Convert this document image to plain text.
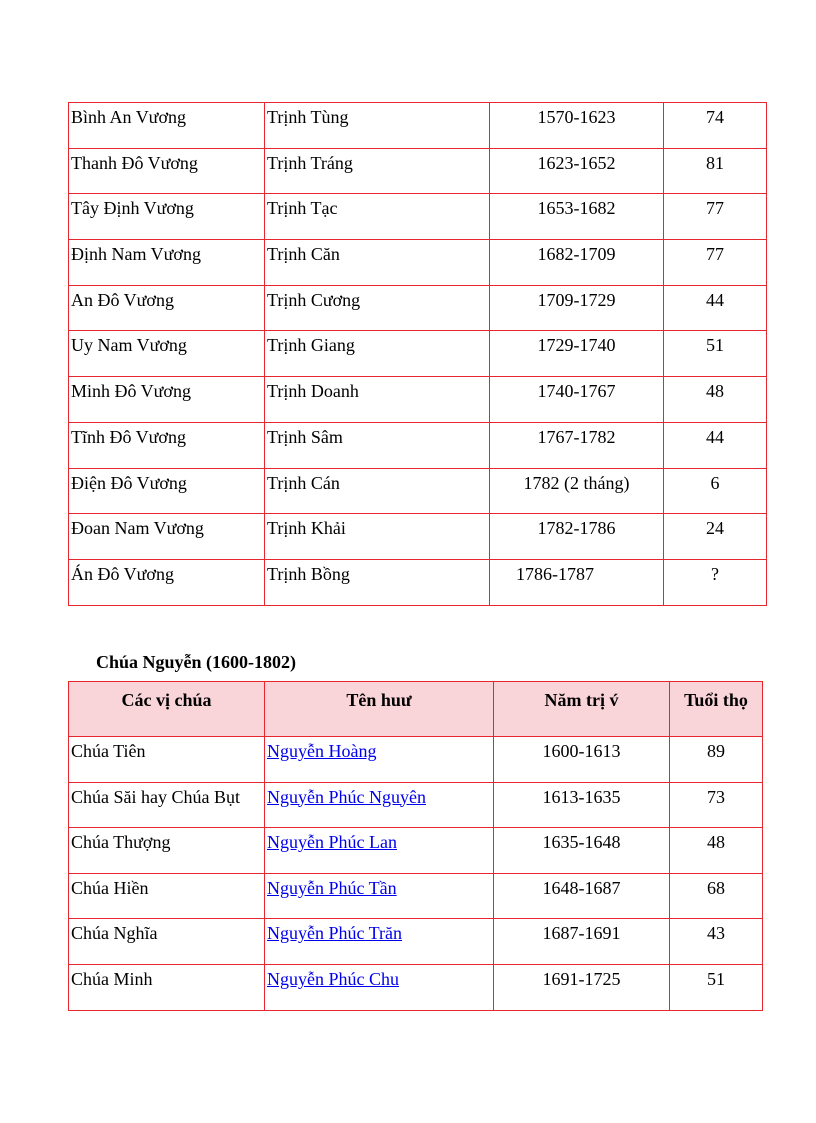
Bình An Vương	Trịnh Tùng	1570-1623	74
Thanh Đô Vương	Trịnh Tráng	1623-1652	81
Tây Định Vương	Trịnh Tạc	1653-1682	77
Định Nam Vương	Trịnh Căn	1682-1709	77
An Đô Vương	Trịnh Cương	1709-1729	44
Uy Nam Vương	Trịnh Giang	1729-1740	51
Minh Đô Vương	Trịnh Doanh	1740-1767	48
Tĩnh Đô Vương	Trịnh Sâm	1767-1782	44
Điện Đô Vương	Trịnh Cán	1782 (2 tháng)	6
Đoan Nam Vương	Trịnh Khải	1782-1786	24
Án Đô Vương	Trịnh Bồng	1786-1787	?

Chúa Nguyễn (1600-1802)

Các vị chúa	Tên huư	Năm trị v́	Tuổi thọ
Chúa Tiên	Nguyễn Hoàng	1600-1613	89
Chúa Săi hay Chúa Bụt	Nguyễn Phúc Nguyên	1613-1635	73
Chúa Thượng	Nguyễn Phúc Lan	1635-1648	48
Chúa Hiền	Nguyễn Phúc Tần	1648-1687	68
Chúa Nghĩa	Nguyễn Phúc Trăn	1687-1691	43
Chúa Minh	Nguyễn Phúc Chu	1691-1725	51
